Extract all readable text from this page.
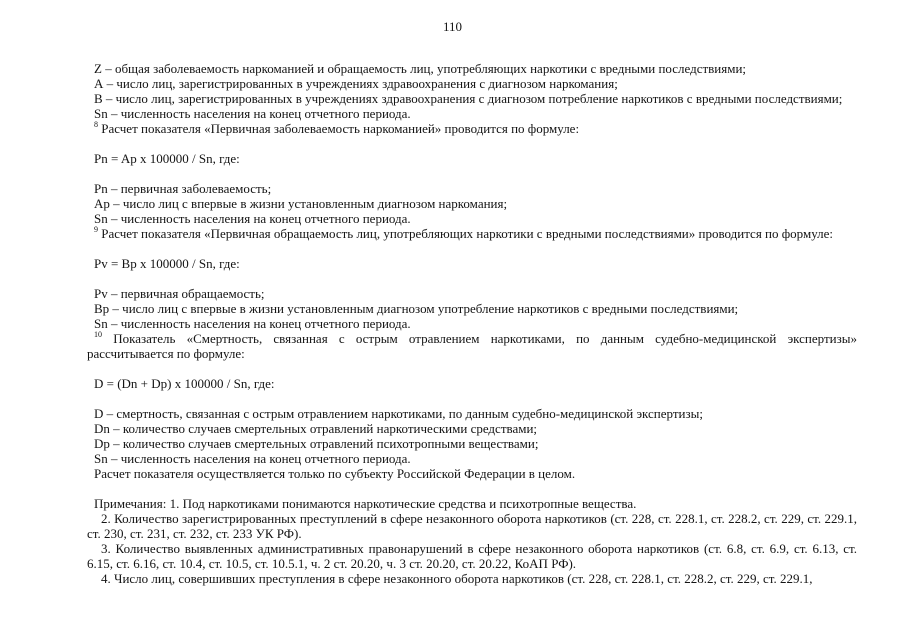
110
Z – общая заболеваемость наркоманией и обращаемость лиц, употребляющих наркотики с вредными последствиями;
А – число лиц, зарегистрированных в учреждениях здравоохранения с диагнозом наркомания;
В – число лиц, зарегистрированных в учреждениях здравоохранения с диагнозом потребление наркотиков с вредными последствиями;
Sn – численность населения на конец отчетного периода.
$^8$ Расчет показателя «Первичная заболеваемость наркоманией» проводится по формуле:
Pn = Ap x 100000 / Sn, где:
Pn – первичная заболеваемость;
Ap – число лиц с впервые в жизни установленным диагнозом наркомания;
Sn – численность населения на конец отчетного периода.
$^9$ Расчет показателя «Первичная обращаемость лиц, употребляющих наркотики с вредными последствиями» проводится по формуле:
Pv = Bp x 100000 / Sn, где:
Pv – первичная обращаемость;
Bp – число лиц с впервые в жизни установленным диагнозом употребление наркотиков с вредными последствиями;
Sn – численность населения на конец отчетного периода.
$^{10}$ Показатель «Смертность, связанная с острым отравлением наркотиками, по данным судебно-медицинской экспертизы» рассчитывается по формуле:
D = (Dn + Dp) x 100000 / Sn, где:
D – смертность, связанная с острым отравлением наркотиками, по данным судебно-медицинской экспертизы;
Dn – количество случаев смертельных отравлений наркотическими средствами;
Dp – количество случаев смертельных отравлений психотропными веществами;
Sn – численность населения на конец отчетного периода.
Расчет показателя осуществляется только по субъекту Российской Федерации в целом.
Примечания: 1. Под наркотиками понимаются наркотические средства и психотропные вещества.
2. Количество зарегистрированных преступлений в сфере незаконного оборота наркотиков (ст. 228, ст. 228.1, ст. 228.2, ст. 229, ст. 229.1, ст. 230, ст. 231, ст. 232, ст. 233 УК РФ).
3. Количество выявленных административных правонарушений в сфере незаконного оборота наркотиков (ст. 6.8, ст. 6.9, ст. 6.13, ст. 6.15, ст. 6.16, ст. 10.4, ст. 10.5, ст. 10.5.1, ч. 2 ст. 20.20, ч. 3 ст. 20.20, ст. 20.22, КоАП РФ).
4. Число лиц, совершивших преступления в сфере незаконного оборота наркотиков (ст. 228, ст. 228.1, ст. 228.2, ст. 229, ст. 229.1,
